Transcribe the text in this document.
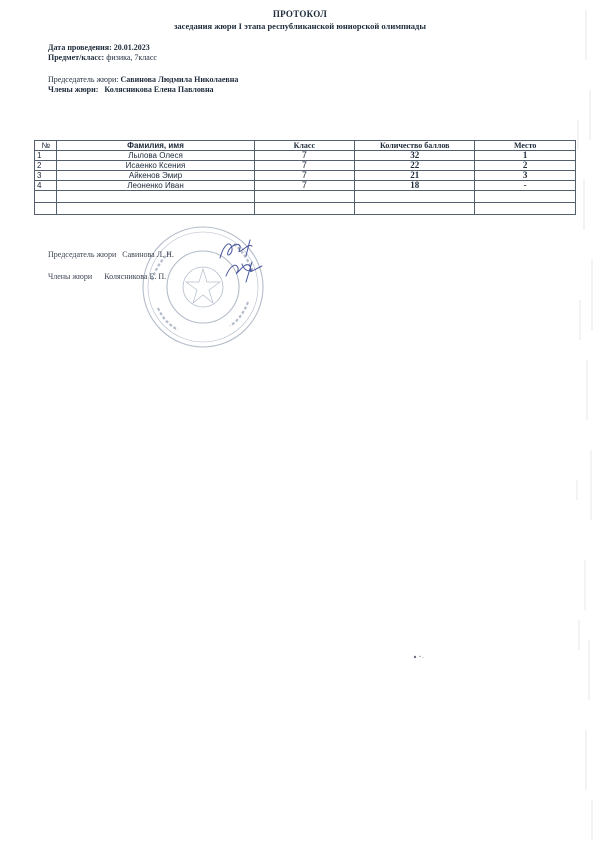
ПРОТОКОЛ
заседания жюри I этапа республиканской юниорской олимпиады
Дата проведения: 20.01.2023
Предмет/класс: физика, 7класс
Председатель жюри: Савинова Людмила Николаевна
Члены жюри: Колясникова Елена Павловна
№	Фамилия, имя	Класс	Количество баллов	Место
1	Лылова Олеся	7	32	1
2	Исаенко Ксения	7	22	2
3	Айкенов Эмир	7	21	3
4	Леоненко Иван	7	18	-

Председатель жюри Савинова Л. Н.
Члены жюри Колясникова Е. П.
